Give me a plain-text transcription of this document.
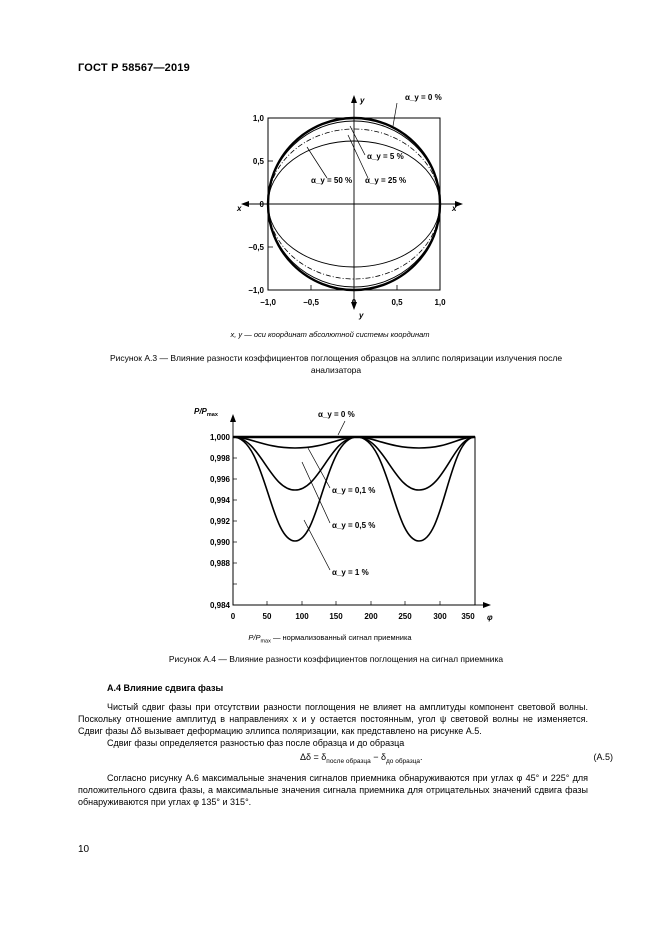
ГОСТ Р 58567—2019
−1,0	−0,5	0	0,5	1,0
1,0
0,5
0
−0,5
−1,0
y
y
x	x
α_y = 0 %
α_y = 5 %
α_y = 25 %
α_y = 50 %
x, y — оси координат абсолютной системы координат
Рисунок А.3 — Влияние разности коэффициентов поглощения образцов на эллипс поляризации излучения после анализатора
1,000
0,998
0,996
0,994
0,992
0,990
0,988
0,984
0	50	100	150	200	250	300 350 φ
$P/P_{max}$	α_y = 0 %
α_y = 0,1 %
α_y = 0,5 %
α_y = 1 %
$P/P_{max}$ — нормализованный сигнал приемника
Рисунок А.4 — Влияние разности коэффициентов поглощения на сигнал приемника
А.4 Влияние сдвига фазы

Чистый сдвиг фазы при отсутствии разности поглощения не влияет на амплитуды компонент световой волны. Поскольку отношение амплитуд в направлениях x и y остается постоянным, угол ψ световой волны не изменяется. Сдвиг фазы Δδ вызывает деформацию эллипса поляризации, как представлено на рисунке А.5.

Сдвиг фазы определяется разностью фаз после образца и до образца

$\Delta\delta = \delta_{после образца} - \delta_{до образца}$.	(А.5)

Согласно рисунку А.6 максимальные значения сигналов приемника обнаруживаются при углах φ 45° и 225° для положительного сдвига фазы, а максимальные значения сигнала приемника для отрицательных значений сдвига фазы обнаруживаются при углах φ 135° и 315°.

10
